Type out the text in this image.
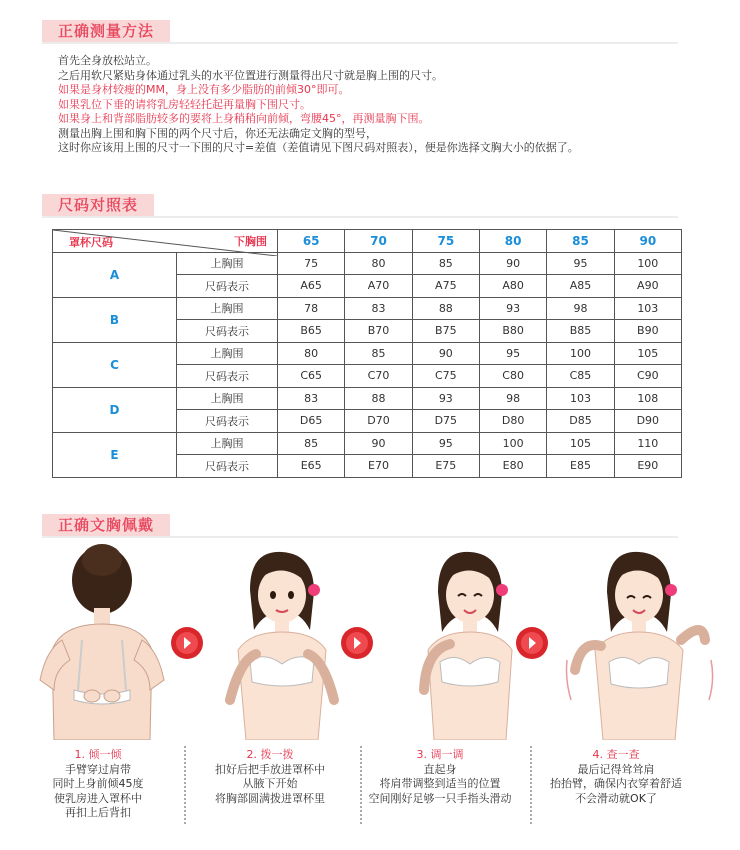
正确测量方法
首先全身放松站立。
之后用软尺紧贴身体通过乳头的水平位置进行测量得出尺寸就是胸上围的尺寸。
如果是身材较瘦的MM，身上没有多少脂肪的前倾30°即可。
如果乳位下垂的请将乳房轻轻托起再量胸下围尺寸。
如果身上和背部脂肪较多的要将上身稍稍向前倾，弯腰45°，再测量胸下围。
测量出胸上围和胸下围的两个尺寸后，你还无法确定文胸的型号，
这时你应该用上围的尺寸一下围的尺寸=差值（差值请见下图尺码对照表），便是你选择文胸大小的依据了。
尺码对照表
下胸围
罩杯尺码		65	70	75	80	85	90
A	上胸围	75	80	85	90	95	100
	尺码表示	A65	A70	A75	A80	A85	A90
B	上胸围	78	83	88	93	98	103
	尺码表示	B65	B70	B75	B80	B85	B90
C	上胸围	80	85	90	95	100	105
	尺码表示	C65	C70	C75	C80	C85	C90
D	上胸围	83	88	93	98	103	108
	尺码表示	D65	D70	D75	D80	D85	D90
E	上胸围	85	90	95	100	105	110
	尺码表示	E65	E70	E75	E80	E85	E90
正确文胸佩戴
1. 倾一倾
手臂穿过肩带
同时上身前倾45度
使乳房进入罩杯中
再扣上后背扣
2. 拨一拨
扣好后把手放进罩杯中
从腋下开始
将胸部圆满拨进罩杯里
3. 调一调
直起身
将肩带调整到适当的位置
空间刚好足够一只手指头滑动
4. 查一查
最后记得耸耸肩
抬抬臂，确保内衣穿着舒适
不会滑动就OK了
